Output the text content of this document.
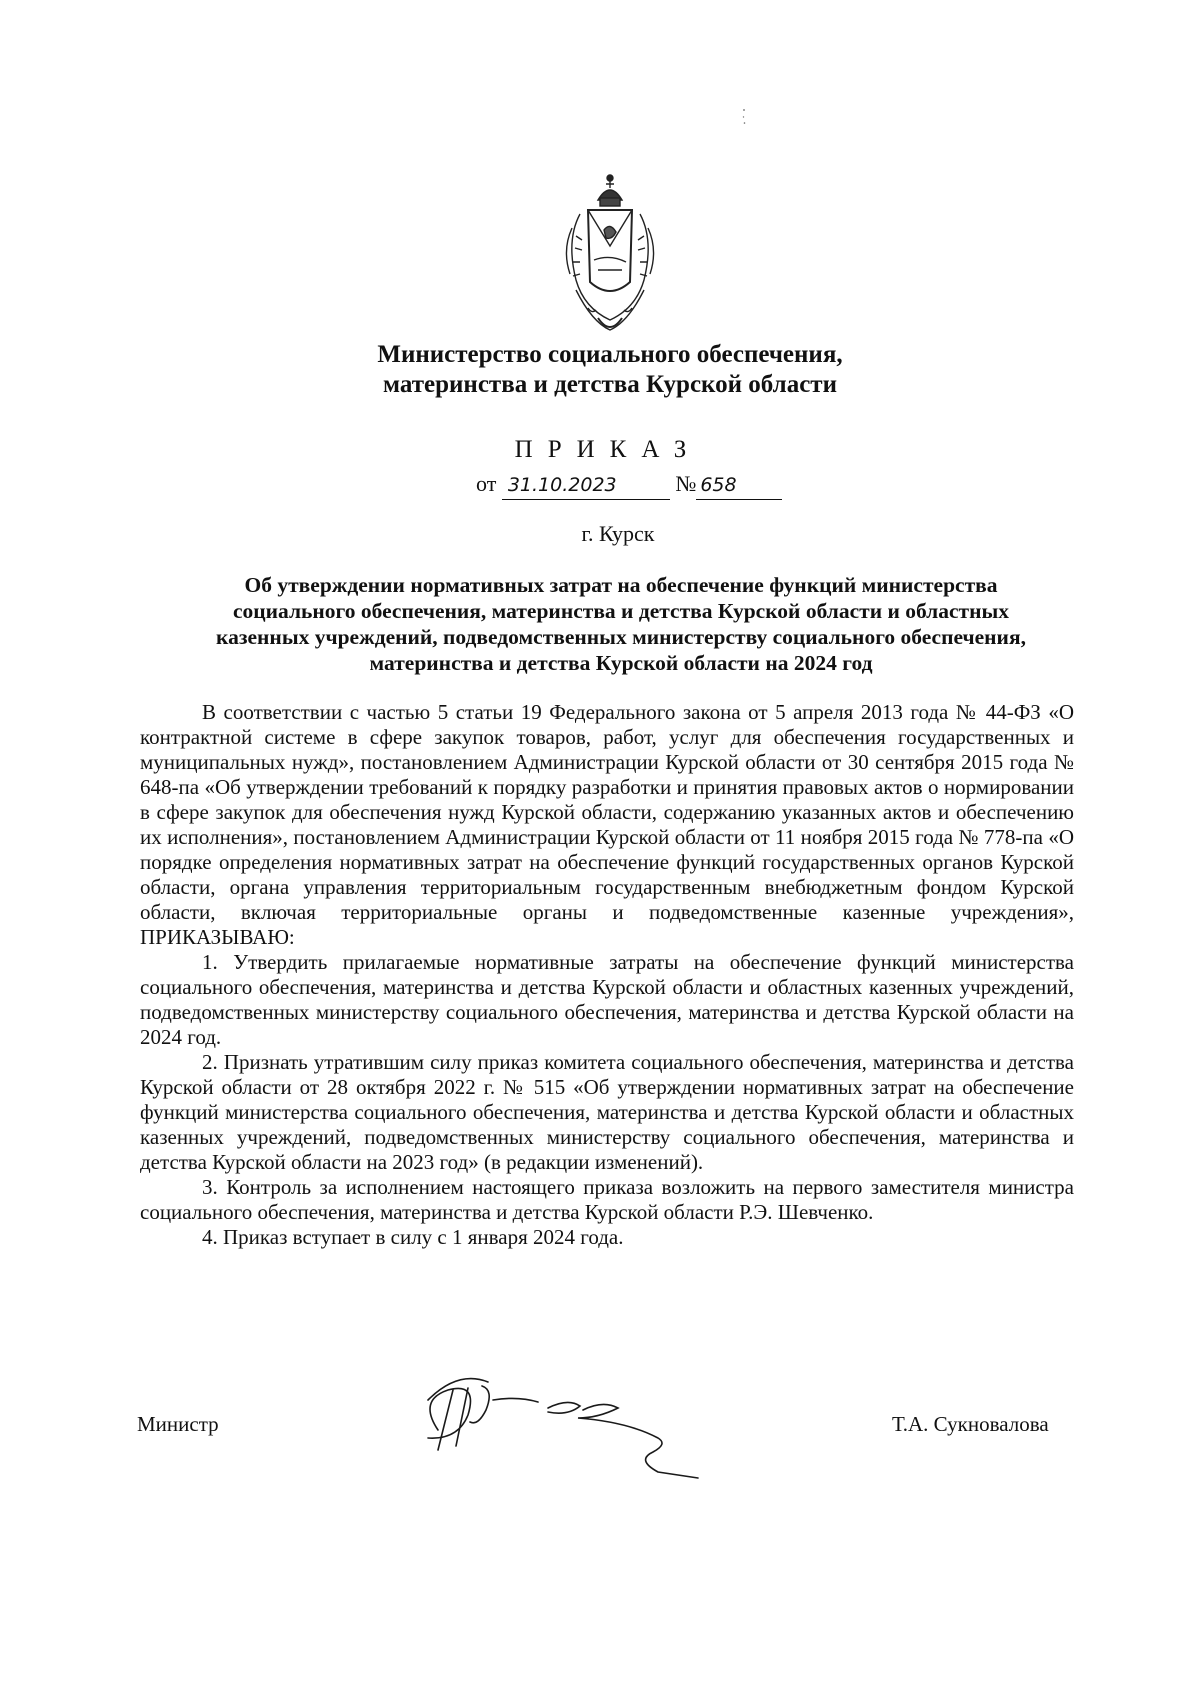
Министерство социального обеспечения,
материнства и детства Курской области
ПРИКАЗ
от 31.10.2023	№ 658
г. Курск
Об утверждении нормативных затрат на обеспечение функций министерства
социального обеспечения, материнства и детства Курской области и областных
казенных учреждений, подведомственных министерству социального обеспечения,
материнства и детства Курской области на 2024 год

В соответствии с частью 5 статьи 19 Федерального закона от 5 апреля 2013 года № 44-ФЗ «О контрактной системе в сфере закупок товаров, работ, услуг для обеспечения государственных и муниципальных нужд», постановлением Администрации Курской области от 30 сентября 2015 года № 648-па «Об утверждении требований к порядку разработки и принятия правовых актов о нормировании в сфере закупок для обеспечения нужд Курской области, содержанию указанных актов и обеспечению их исполнения», постановлением Администрации Курской области от 11 ноября 2015 года № 778-па «О порядке определения нормативных затрат на обеспечение функций государственных органов Курской области, органа управления территориальным государственным внебюджетным фондом Курской области, включая территориальные органы и подведомственные казенные учреждения», ПРИКАЗЫВАЮ:

1. Утвердить прилагаемые нормативные затраты на обеспечение функций министерства социального обеспечения, материнства и детства Курской области и областных казенных учреждений, подведомственных министерству социального обеспечения, материнства и детства Курской области на 2024 год.

2. Признать утратившим силу приказ комитета социального обеспечения, материнства и детства Курской области от 28 октября 2022 г. № 515 «Об утверждении нормативных затрат на обеспечение функций министерства социального обеспечения, материнства и детства Курской области и областных казенных учреждений, подведомственных министерству социального обеспечения, материнства и детства Курской области на 2023 год» (в редакции изменений).

3. Контроль за исполнением настоящего приказа возложить на первого заместителя министра социального обеспечения, материнства и детства Курской области Р.Э. Шевченко.

4. Приказ вступает в силу с 1 января 2024 года.

Министр	Т.А. Сукновалова
